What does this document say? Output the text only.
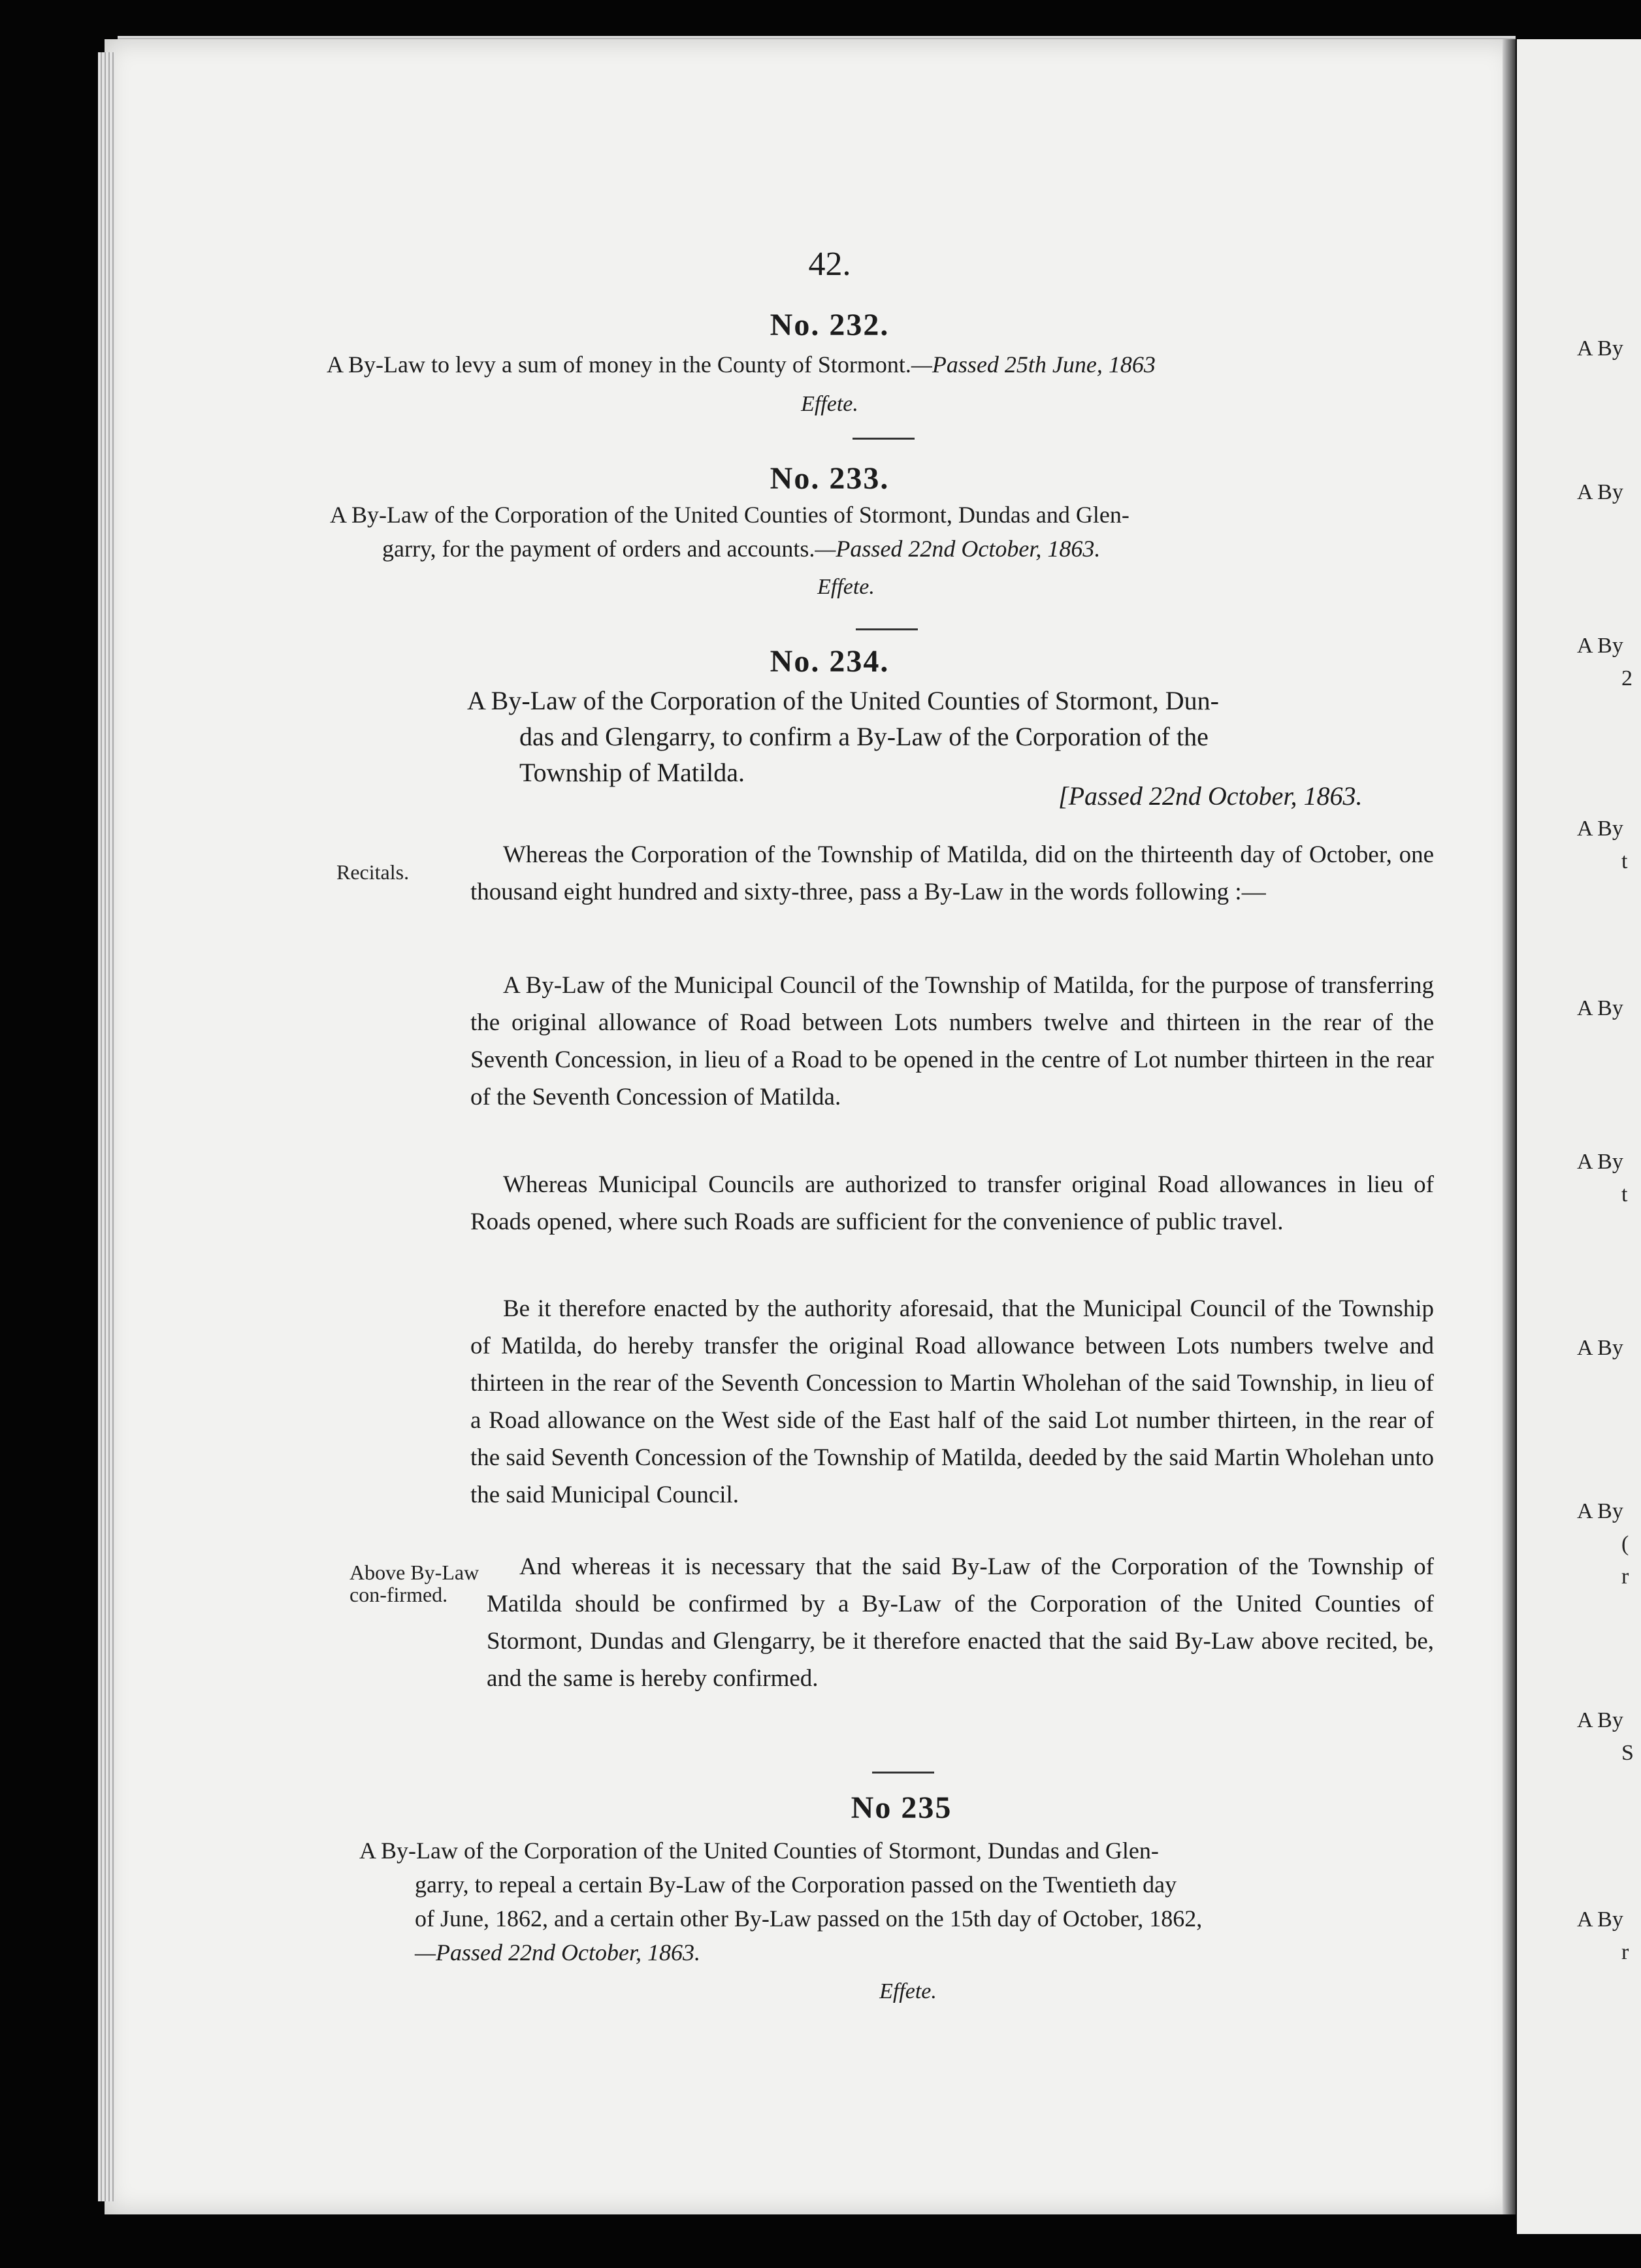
A By
A By
A By
2
A By
t
A By
A By
t
A By
A By
(
r
A By
S
A By
r
42.
No. 232.
A By-Law to levy a sum of money in the County of Stormont.—Passed 25th June, 1863
Effete.
No. 233.
A By-Law of the Corporation of the United Counties of Stormont, Dundas and Glen-
garry, for the payment of orders and accounts.—Passed 22nd October, 1863.
Effete.
No. 234.
A By-Law of the Corporation of the United Counties of Stormont, Dun-
das and Glengarry, to confirm a By-Law of the Corporation of the
Township of Matilda.
[Passed 22nd October, 1863.
Recitals.
Whereas the Corporation of the Township of Matilda, did on the thirteenth day of October, one thousand eight hundred and sixty-three, pass a By-Law in the words following :—
A By-Law of the Municipal Council of the Township of Matilda, for the purpose of transferring the original allowance of Road between Lots numbers twelve and thirteen in the rear of the Seventh Concession, in lieu of a Road to be opened in the centre of Lot number thirteen in the rear of the Seventh Concession of Matilda.
Whereas Municipal Councils are authorized to transfer original Road allowances in lieu of Roads opened, where such Roads are sufficient for the convenience of public travel.
Be it therefore enacted by the authority aforesaid, that the Municipal Council of the Township of Matilda, do hereby transfer the original Road allowance between Lots numbers twelve and thirteen in the rear of the Seventh Concession to Martin Wholehan of the said Township, in lieu of a Road allowance on the West side of the East half of the said Lot number thirteen, in the rear of the said Seventh Concession of the Township of Matilda, deeded by the said Martin Wholehan unto the said Municipal Council.
Above By-Law con-firmed.
And whereas it is necessary that the said By-Law of the Corporation of the Township of Matilda should be confirmed by a By-Law of the Corporation of the United Counties of Stormont, Dundas and Glengarry, be it therefore enacted that the said By-Law above recited, be, and the same is hereby confirmed.
No 235
A By-Law of the Corporation of the United Counties of Stormont, Dundas and Glen-
garry, to repeal a certain By-Law of the Corporation passed on the Twentieth day
of June, 1862, and a certain other By-Law passed on the 15th day of October, 1862,
—Passed 22nd October, 1863.
Effete.
